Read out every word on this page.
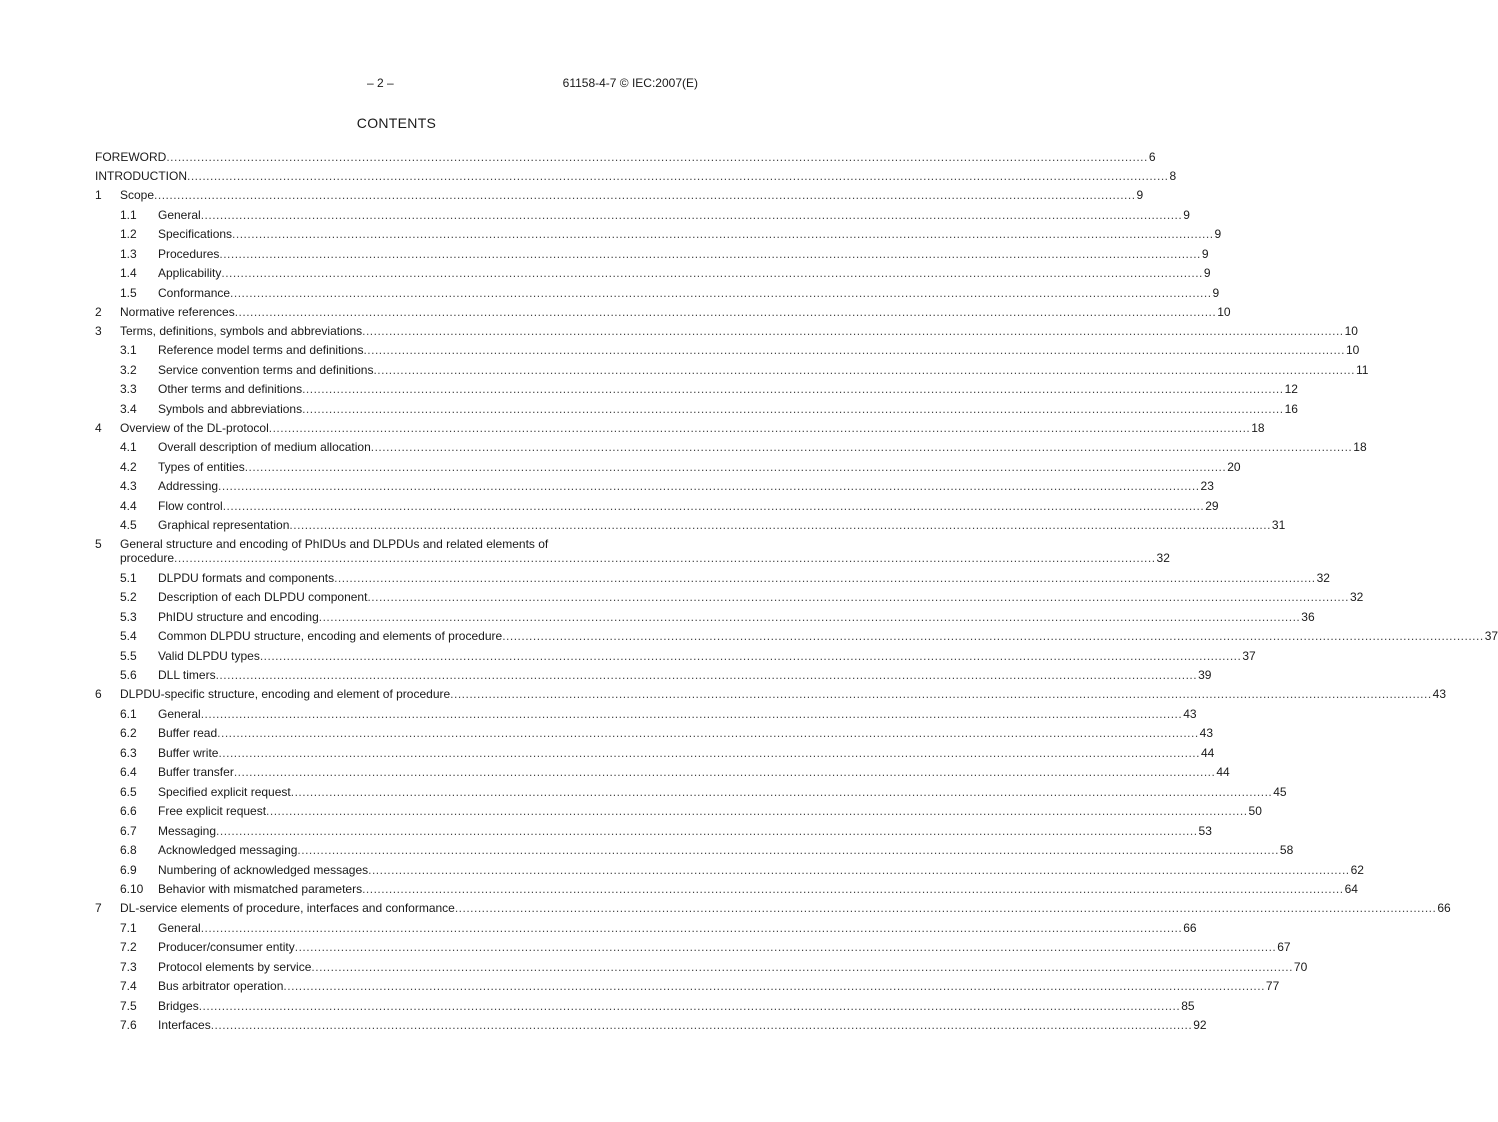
– 2 –	61158-4-7 © IEC:2007(E)
CONTENTS
FOREWORD .....	6
INTRODUCTION .....	8
1	Scope .....	9
1.1	General .....	9
1.2	Specifications .....	9
1.3	Procedures .....	9
1.4	Applicability .....	9
1.5	Conformance .....	9
2	Normative references .....	10
3	Terms, definitions, symbols and abbreviations .....	10
3.1	Reference model terms and definitions .....	10
3.2	Service convention terms and definitions .....	11
3.3	Other terms and definitions .....	12
3.4	Symbols and abbreviations .....	16
4	Overview of the DL-protocol .....	18
4.1	Overall description of medium allocation .....	18
4.2	Types of entities .....	20
4.3	Addressing .....	23
4.4	Flow control .....	29
4.5	Graphical representation .....	31
5	General structure and encoding of PhIDUs and DLPDUs and related elements of
procedure .....	32
5.1	DLPDU formats and components .....	32
5.2	Description of each DLPDU component .....	32
5.3	PhIDU structure and encoding .....	36
5.4	Common DLPDU structure, encoding and elements of procedure .....	37
5.5	Valid DLPDU types .....	37
5.6	DLL timers .....	39
6	DLPDU-specific structure, encoding and element of procedure .....	43
6.1	General .....	43
6.2	Buffer read .....	43
6.3	Buffer write .....	44
6.4	Buffer transfer .....	44
6.5	Specified explicit request .....	45
6.6	Free explicit request .....	50
6.7	Messaging .....	53
6.8	Acknowledged messaging .....	58
6.9	Numbering of acknowledged messages .....	62
6.10	Behavior with mismatched parameters .....	64
7	DL-service elements of procedure, interfaces and conformance .....	66
7.1	General .....	66
7.2	Producer/consumer entity .....	67
7.3	Protocol elements by service .....	70
7.4	Bus arbitrator operation .....	77
7.5	Bridges .....	85
7.6	Interfaces .....	92
